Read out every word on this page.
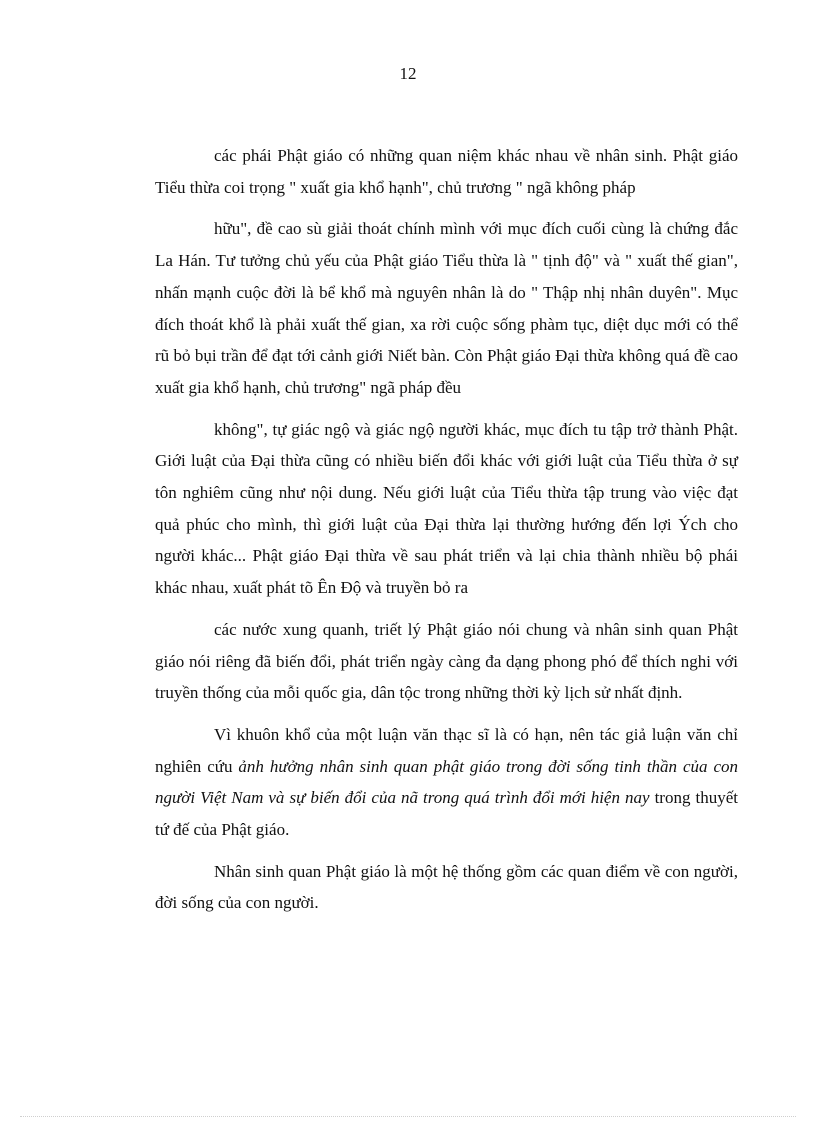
12

các phái Phật giáo có những quan niệm khác nhau về nhân sinh. Phật giáo Tiểu thừa coi trọng " xuất gia khổ hạnh", chủ trương " ngã không pháp

hữu", đề cao sù giải thoát chính mình với mục đích cuối cùng là chứng đắc La Hán. Tư tưởng chủ yếu của Phật giáo Tiểu thừa là " tịnh độ" và " xuất thế gian", nhấn mạnh cuộc đời là bể khổ mà nguyên nhân là do " Thập nhị nhân duyên". Mục đích thoát khổ là phải xuất thế gian, xa rời cuộc sống phàm tục, diệt dục mới có thể rũ bỏ bụi trần để đạt tới cảnh giới Niết bàn. Còn Phật giáo Đại thừa không quá đề cao xuất gia khổ hạnh, chủ trương" ngã pháp đều

không", tự giác ngộ và giác ngộ người khác, mục đích tu tập trở thành Phật. Giới luật của Đại thừa cũng có nhiều biến đổi khác với giới luật của Tiểu thừa ở sự tôn nghiêm cũng như nội dung. Nếu giới luật của Tiểu thừa tập trung vào việc đạt quả phúc cho mình, thì giới luật của Đại thừa lại thường hướng đến lợi Ých cho người khác... Phật giáo Đại thừa về sau phát triển và lại chia thành nhiều bộ phái khác nhau, xuất phát tõ Ên Độ và truyền bỏ ra

các nước xung quanh, triết lý Phật giáo nói chung và nhân sinh quan Phật giáo nói riêng đã biến đổi, phát triển ngày càng đa dạng phong phó để thích nghi với truyền thống của mỗi quốc gia, dân tộc trong những thời kỳ lịch sử nhất định.

Vì khuôn khổ của một luận văn thạc sĩ là có hạn, nên tác giả luận văn chỉ nghiên cứu ảnh hưởng nhân sinh quan phật giáo trong đời sống tinh thần của con người Việt Nam và sự biến đổi của nã trong quá trình đổi mới hiện nay trong thuyết tứ đế của Phật giáo.

Nhân sinh quan Phật giáo là một hệ thống gồm các quan điểm về con người, đời sống của con người.
